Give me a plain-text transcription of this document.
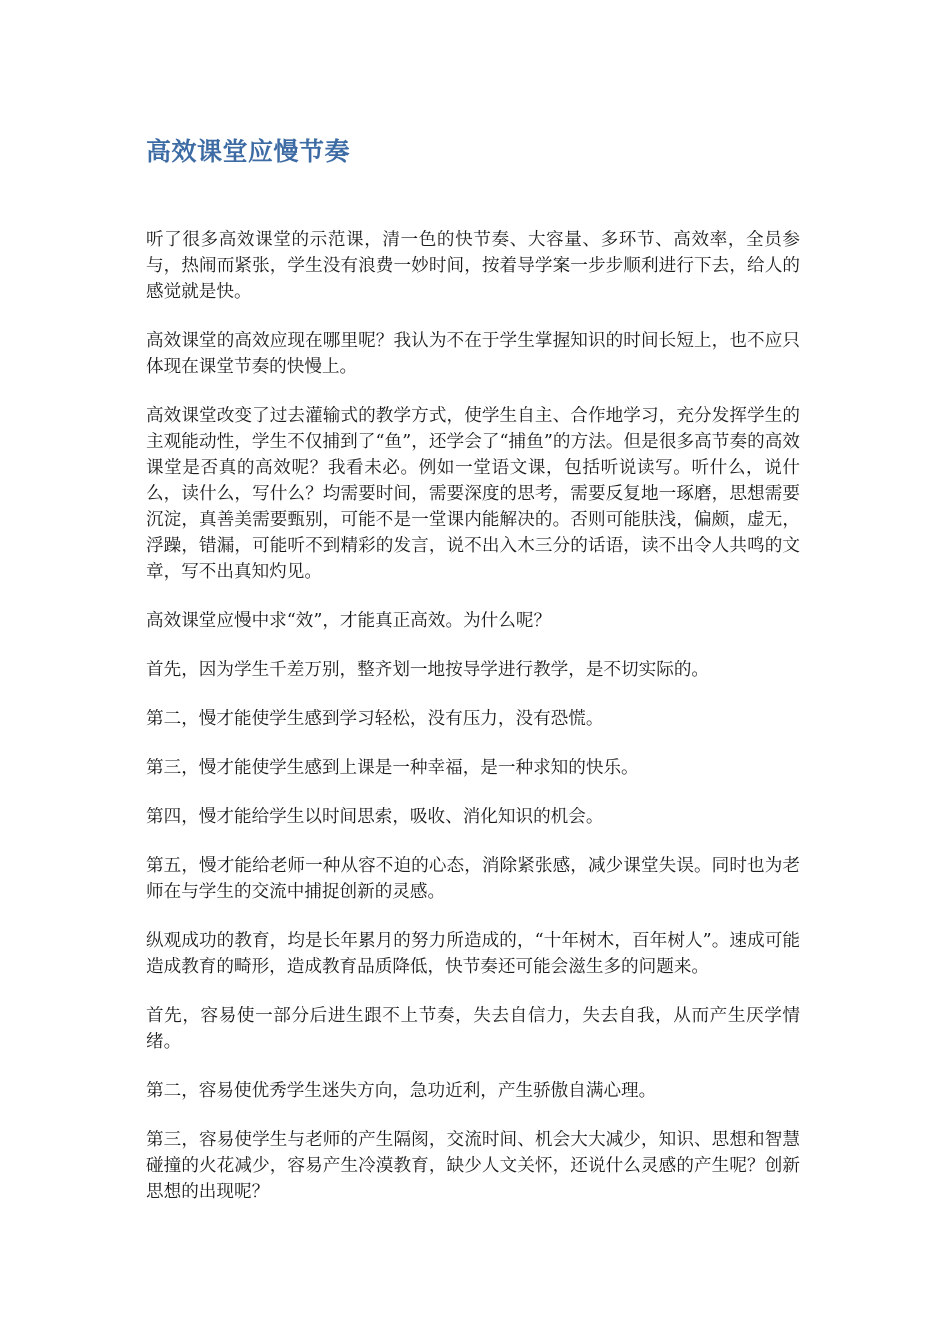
高效课堂应慢节奏

听了很多高效课堂的示范课，清一色的快节奏、大容量、多环节、高效率，全员参与，热闹而紧张，学生没有浪费一妙时间，按着导学案一步步顺利进行下去，给人的感觉就是快。

高效课堂的高效应现在哪里呢？我认为不在于学生掌握知识的时间长短上，也不应只体现在课堂节奏的快慢上。

高效课堂改变了过去灌输式的教学方式，使学生自主、合作地学习，充分发挥学生的主观能动性，学生不仅捕到了“鱼”，还学会了“捕鱼”的方法。但是很多高节奏的高效课堂是否真的高效呢？我看未必。例如一堂语文课，包括听说读写。听什么，说什么，读什么，写什么？均需要时间，需要深度的思考，需要反复地一琢磨，思想需要沉淀，真善美需要甄别，可能不是一堂课内能解决的。否则可能肤浅，偏颇，虚无，浮躁，错漏，可能听不到精彩的发言，说不出入木三分的话语，读不出令人共鸣的文章，写不出真知灼见。

高效课堂应慢中求“效”，才能真正高效。为什么呢？

首先，因为学生千差万别，整齐划一地按导学进行教学，是不切实际的。

第二，慢才能使学生感到学习轻松，没有压力，没有恐慌。

第三，慢才能使学生感到上课是一种幸福，是一种求知的快乐。

第四，慢才能给学生以时间思索，吸收、消化知识的机会。

第五，慢才能给老师一种从容不迫的心态，消除紧张感，减少课堂失误。同时也为老师在与学生的交流中捕捉创新的灵感。

纵观成功的教育，均是长年累月的努力所造成的，“十年树木，百年树人”。速成可能造成教育的畸形，造成教育品质降低，快节奏还可能会滋生多的问题来。

首先，容易使一部分后进生跟不上节奏，失去自信力，失去自我，从而产生厌学情绪。

第二，容易使优秀学生迷失方向，急功近利，产生骄傲自满心理。

第三，容易使学生与老师的产生隔阂，交流时间、机会大大减少，知识、思想和智慧碰撞的火花减少，容易产生冷漠教育，缺少人文关怀，还说什么灵感的产生呢？创新思想的出现呢？
